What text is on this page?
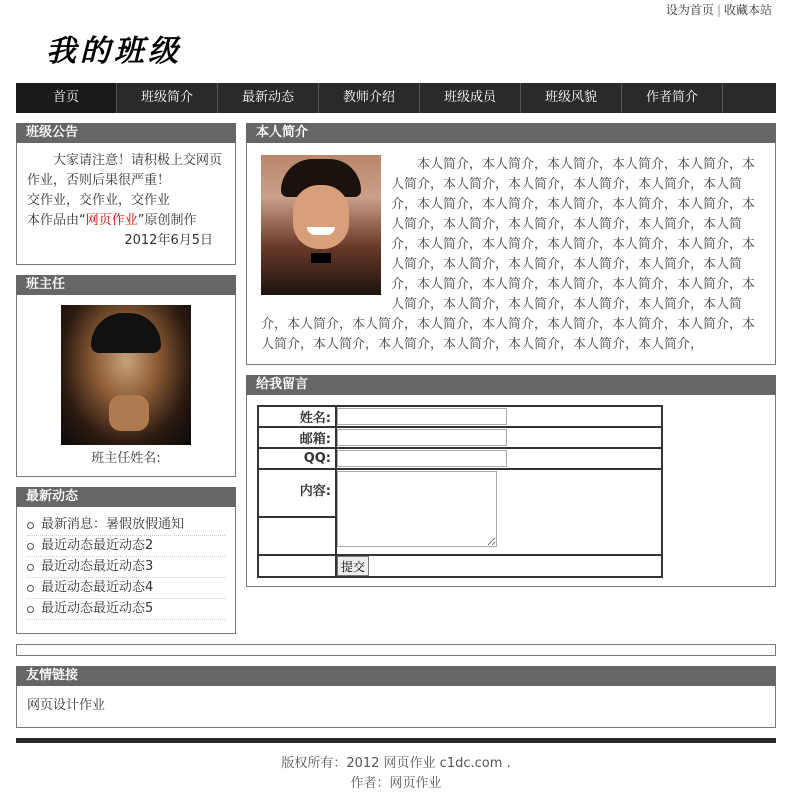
设为首页 | 收藏本站
我的班级
首页	班级简介	最新动态	教师介绍	班级成员	班级风貌	作者简介
班级公告
大家请注意！请积极上交网页作业，否则后果很严重！
交作业，交作业，交作业
本作品由“网页作业”原创制作
2012年6月5日
班主任
班主任姓名:
最新动态
最新消息：暑假放假通知
最近动态最近动态2
最近动态最近动态3
最近动态最近动态4
最近动态最近动态5
本人简介
本人简介，本人简介，本人简介，本人简介，本人简介，本人简介，本人简介，本人简介，本人简介，本人简介，本人简介，本人简介，本人简介，本人简介，本人简介，本人简介，本人简介，本人简介，本人简介，本人简介，本人简介，本人简介，本人简介，本人简介，本人简介，本人简介，本人简介，本人简介，本人简介，本人简介，本人简介，本人简介，本人简介，本人简介，本人简介，本人简介，本人简介，本人简介，本人简介，本人简介，本人简介，本人简介，本人简介，本人简介，本人简介，本人简介，本人简介，本人简介，本人简介，本人简介，本人简介，本人简介，本人简介，本人简介，本人简介，本人简介，本人简介，本人简介，
给我留言
姓名:	
邮箱:	
QQ:	
内容:	

	提交
友情链接
网页设计作业
版权所有：2012 网页作业 c1dc.com .
作者：网页作业
